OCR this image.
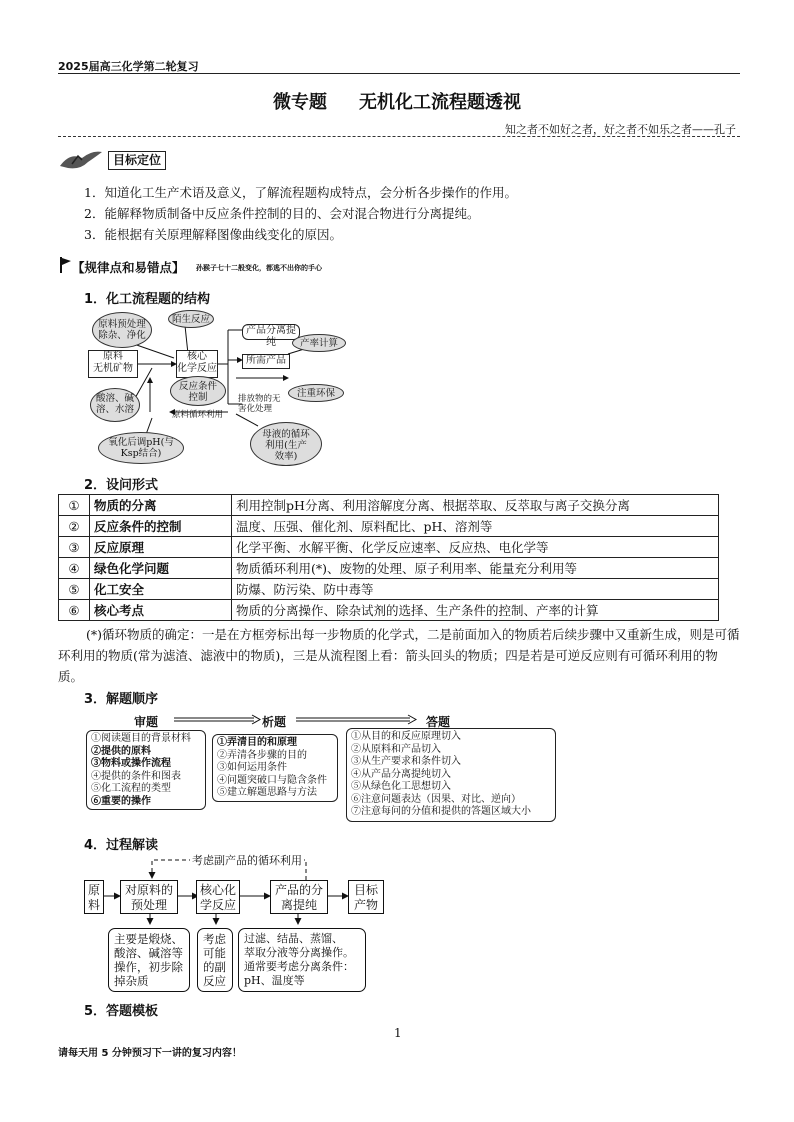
2025届高三化学第二轮复习
微专题 无机化工流程题透视
知之者不如好之者，好之者不如乐之者——孔子
目标定位
1．知道化工生产术语及意义，了解流程题构成特点，会分析各步操作的作用。
2．能解释物质制备中反应条件控制的目的、会对混合物进行分离提纯。
3．能根据有关原理解释图像曲线变化的原因。
【规律点和易错点】 孙猴子七十二般变化，都逃不出你的手心
1．化工流程题的结构
原料
无机矿物
核心
化学反应
产品分离提纯
所需产品
原料预处理
除杂、净化
陌生反应
产率计算
酸溶、碱
溶、水溶
反应条件
控制	排放物的无
害化处理
注重环保
原料循环利用
氧化后调pH(与
Ksp结合)
母液的循环
利用(生产
效率)
2．设问形式
①	物质的分离	利用控制pH分离、利用溶解度分离、根据萃取、反萃取与离子交换分离
②	反应条件的控制	温度、压强、催化剂、原料配比、pH、溶剂等
③	反应原理	化学平衡、水解平衡、化学反应速率、反应热、电化学等
④	绿色化学问题	物质循环利用(*)、废物的处理、原子利用率、能量充分利用等
⑤	化工安全	防爆、防污染、防中毒等
⑥	核心考点	物质的分离操作、除杂试剂的选择、生产条件的控制、产率的计算
(*)循环物质的确定：一是在方框旁标出每一步物质的化学式，二是前面加入的物质若后续步骤中又重新生成，则是可循环利用的物质(常为滤渣、滤液中的物质)，三是从流程图上看：箭头回头的物质；四是若是可逆反应则有可循环利用的物质。
3．解题顺序
审题	析题	答题
①阅读题目的背景材料
②提供的原料
③物料或操作流程
④提供的条件和图表
⑤化工流程的类型
⑥重要的操作
①弄清目的和原理
②弄清各步骤的目的
③如何运用条件
④问题突破口与隐含条件
⑤建立解题思路与方法
①从目的和反应原理切入
②从原料和产品切入
③从生产要求和条件切入
④从产品分离提纯切入
⑤从绿色化工思想切入
⑥注意问题表达（因果、对比、逆向）
⑦注意每问的分值和提供的答题区域大小
4．过程解读
考虑副产品的循环利用
原
料
对原料的
预处理
核心化
学反应
产品的分
离提纯
目标
产物
主要是煅烧、
酸溶、碱溶等
操作，初步除
掉杂质
考虑
可能
的副
反应
过滤、结晶、蒸馏、
萃取分液等分离操作。
通常要考虑分离条件：
pH、温度等
5．答题模板
1
请每天用 5 分钟预习下一讲的复习内容！
